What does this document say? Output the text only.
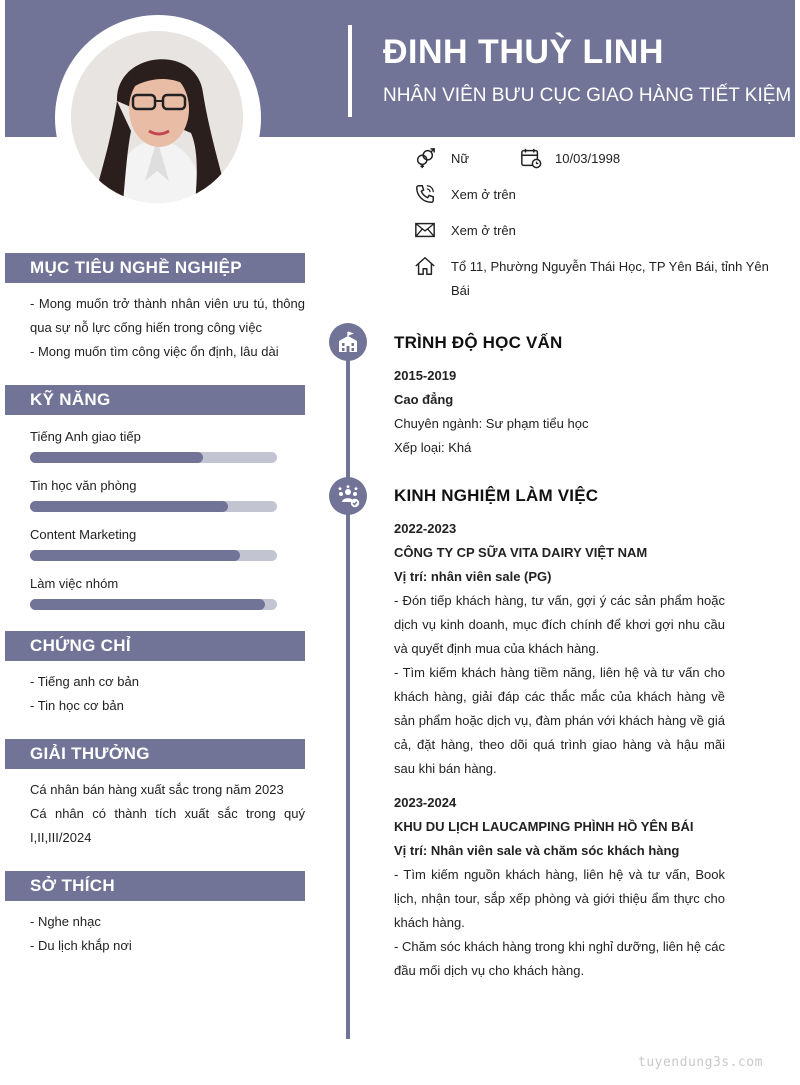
ĐINH THUỲ LINH
NHÂN VIÊN BƯU CỤC GIAO HÀNG TIẾT KIỆM
Nữ	10/03/1998
Xem ở trên
Xem ở trên
Tổ 11, Phường Nguyễn Thái Học, TP Yên Bái, tỉnh Yên
Bái
MỤC TIÊU NGHỀ NGHIỆP
- Mong muốn trở thành nhân viên ưu tú, thông qua sự nỗ lực cống hiến trong công việc
- Mong muốn tìm công việc ổn định, lâu dài
KỸ NĂNG
Tiếng Anh giao tiếp
Tin học văn phòng
Content Marketing
Làm việc nhóm
CHỨNG CHỈ
- Tiếng anh cơ bản
- Tin học cơ bản
GIẢI THƯỞNG
Cá nhân bán hàng xuất sắc trong năm 2023
Cá nhân có thành tích xuất sắc trong quý I,II,III/2024
SỞ THÍCH
- Nghe nhạc
- Du lịch khắp nơi
TRÌNH ĐỘ HỌC VẤN
2015-2019
Cao đẳng
Chuyên ngành: Sư phạm tiểu học
Xếp loại: Khá
KINH NGHIỆM LÀM VIỆC
2022-2023
CÔNG TY CP SỮA VITA DAIRY VIỆT NAM
Vị trí: nhân viên sale (PG)
- Đón tiếp khách hàng, tư vấn, gợi ý các sản phẩm hoặc dịch vụ kinh doanh, mục đích chính để khơi gợi nhu cầu và quyết định mua của khách hàng.
- Tìm kiếm khách hàng tiềm năng, liên hệ và tư vấn cho khách hàng, giải đáp các thắc mắc của khách hàng về sản phẩm hoặc dịch vụ, đàm phán với khách hàng về giá cả, đặt hàng, theo dõi quá trình giao hàng và hậu mãi sau khi bán hàng.
2023-2024
KHU DU LỊCH LAUCAMPING PHÌNH HỒ YÊN BÁI
Vị trí: Nhân viên sale và chăm sóc khách hàng
- Tìm kiếm nguồn khách hàng, liên hệ và tư vấn, Book lịch, nhận tour, sắp xếp phòng và giới thiệu ẩm thực cho khách hàng.
- Chăm sóc khách hàng trong khi nghỉ dưỡng, liên hệ các đầu mối dịch vụ cho khách hàng.
tuyendung3s.com
